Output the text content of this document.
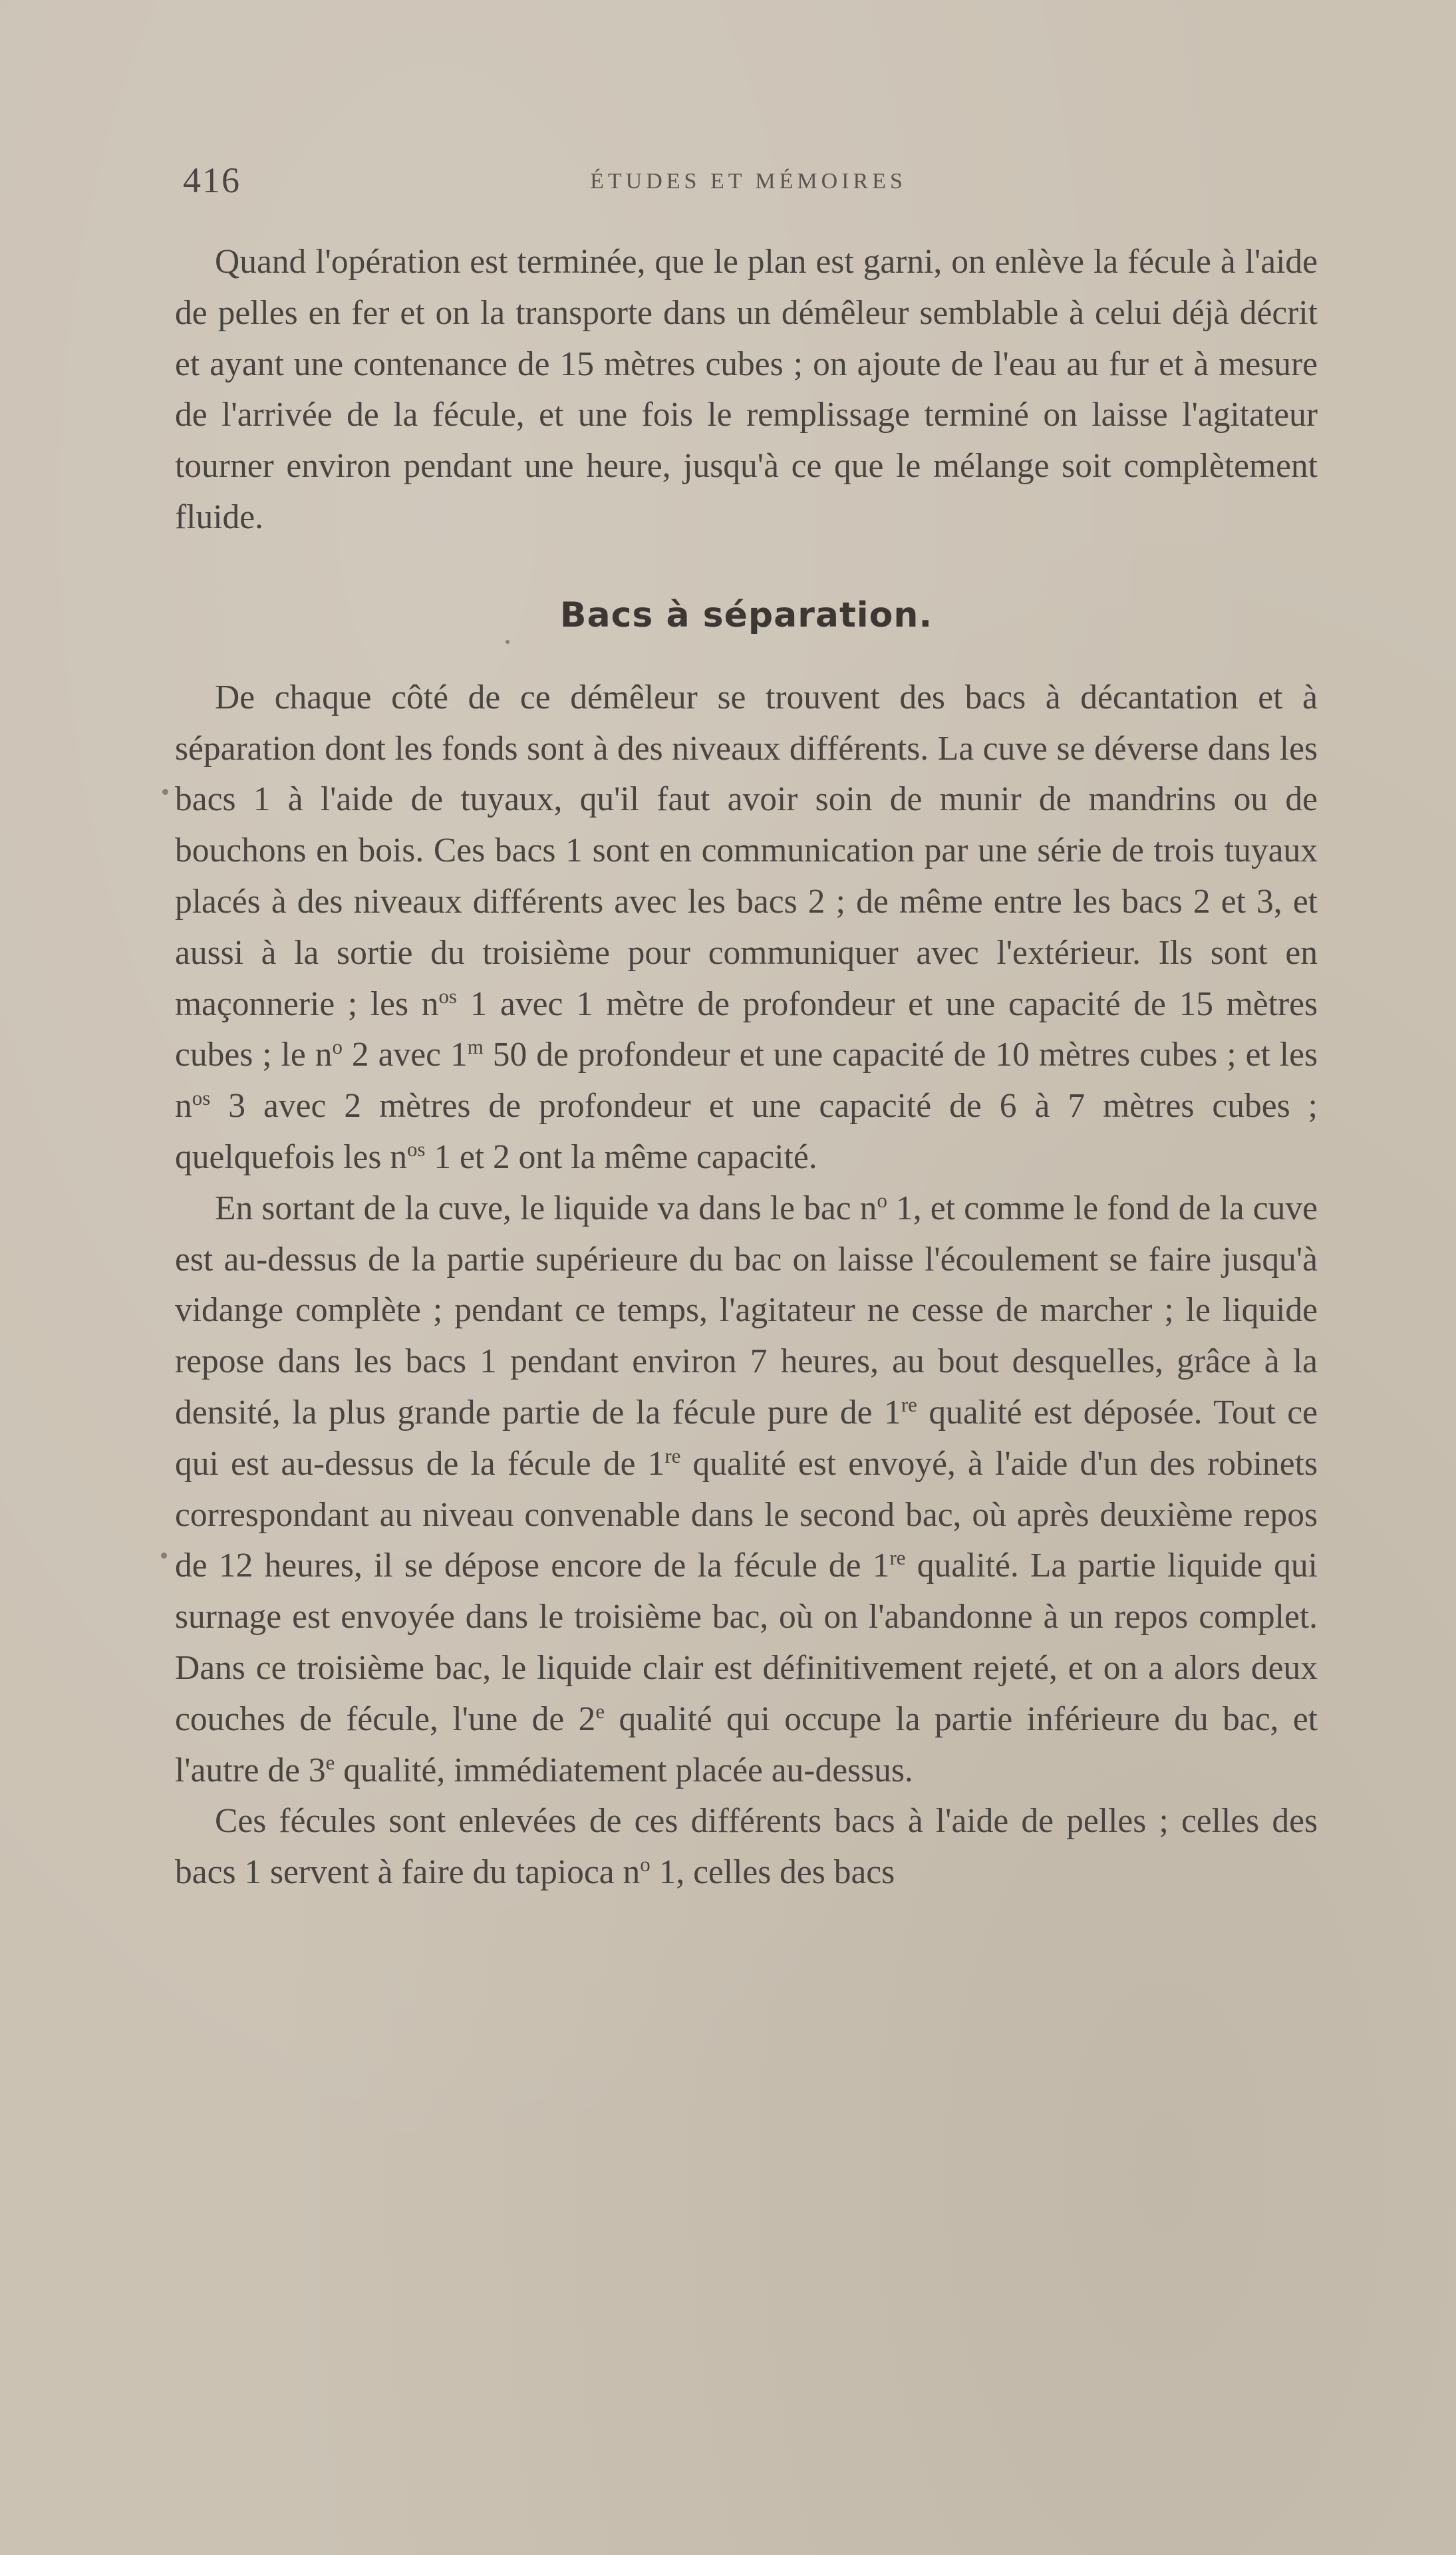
416	ÉTUDES ET MÉMOIRES

Quand l'opération est terminée, que le plan est garni, on enlève la fécule à l'aide de pelles en fer et on la transporte dans un démêleur semblable à celui déjà décrit et ayant une contenance de 15 mètres cubes ; on ajoute de l'eau au fur et à mesure de l'arrivée de la fécule, et une fois le remplissage terminé on laisse l'agitateur tourner environ pendant une heure, jusqu'à ce que le mélange soit complètement fluide.

Bacs à séparation.

De chaque côté de ce démêleur se trouvent des bacs à décantation et à séparation dont les fonds sont à des niveaux différents. La cuve se déverse dans les bacs 1 à l'aide de tuyaux, qu'il faut avoir soin de munir de mandrins ou de bouchons en bois. Ces bacs 1 sont en communication par une série de trois tuyaux placés à des niveaux différents avec les bacs 2 ; de même entre les bacs 2 et 3, et aussi à la sortie du troisième pour communiquer avec l'extérieur. Ils sont en maçonnerie ; les $n^{os}$ 1 avec 1 mètre de profondeur et une capacité de 15 mètres cubes ; le $n^o$ 2 avec 1$^m$ 50 de profondeur et une capacité de 10 mètres cubes ; et les $n^{os}$ 3 avec 2 mètres de profondeur et une capacité de 6 à 7 mètres cubes ; quelquefois les $n^{os}$ 1 et 2 ont la même capacité.

En sortant de la cuve, le liquide va dans le bac $n^o$ 1, et comme le fond de la cuve est au-dessus de la partie supérieure du bac on laisse l'écoulement se faire jusqu'à vidange complète ; pendant ce temps, l'agitateur ne cesse de marcher ; le liquide repose dans les bacs 1 pendant environ 7 heures, au bout desquelles, grâce à la densité, la plus grande partie de la fécule pure de 1re qualité est déposée. Tout ce qui est au-dessus de la fécule de 1re qualité est envoyé, à l'aide d'un des robinets correspondant au niveau convenable dans le second bac, où après deuxième repos de 12 heures, il se dépose encore de la fécule de 1re qualité. La partie liquide qui surnage est envoyée dans le troisième bac, où on l'abandonne à un repos complet. Dans ce troisième bac, le liquide clair est définitivement rejeté, et on a alors deux couches de fécule, l'une de 2e qualité qui occupe la partie inférieure du bac, et l'autre de 3e qualité, immédiatement placée au-dessus.

Ces fécules sont enlevées de ces différents bacs à l'aide de pelles ; celles des bacs 1 servent à faire du tapioca $n^o$ 1, celles des bacs
